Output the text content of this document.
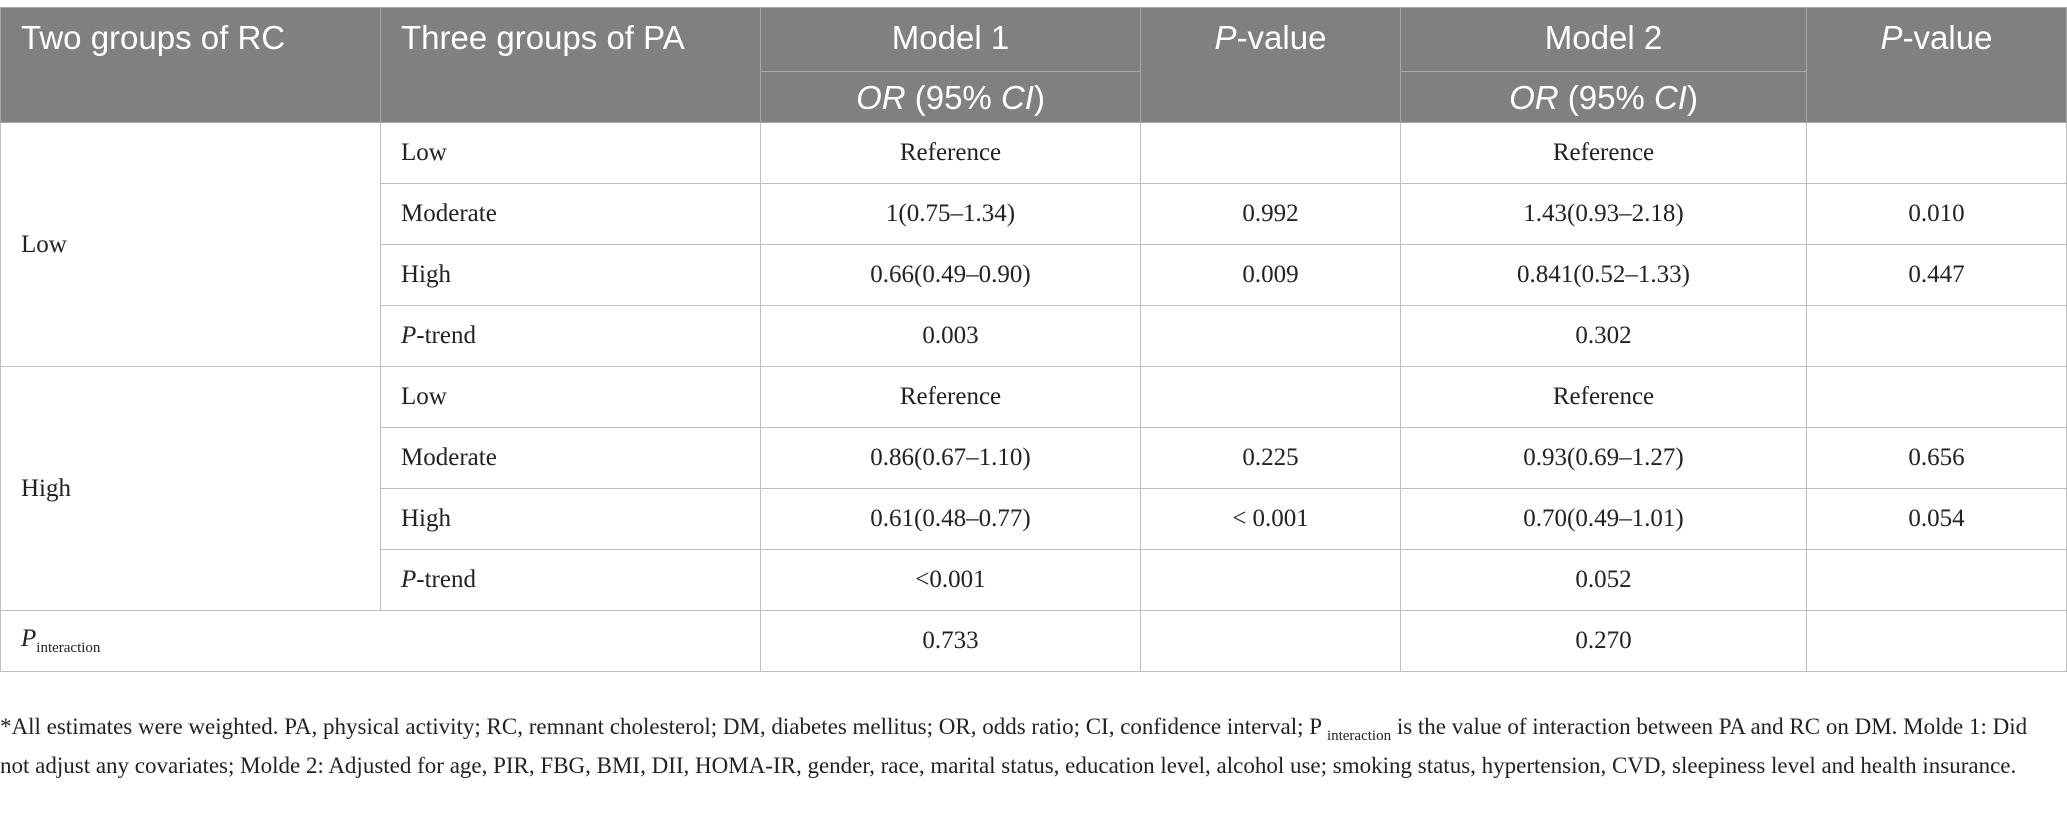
Two groups of RC	Three groups of PA	Model 1	P-value	Model 2	P-value
		OR (95% CI)		OR (95% CI)	
Low	Low	Reference		Reference	
	Moderate	1(0.75–1.34)	0.992	1.43(0.93–2.18)	0.010
	High	0.66(0.49–0.90)	0.009	0.841(0.52–1.33)	0.447
	P-trend	0.003		0.302	
High	Low	Reference		Reference	
	Moderate	0.86(0.67–1.10)	0.225	0.93(0.69–1.27)	0.656
	High	0.61(0.48–0.77)	< 0.001	0.70(0.49–1.01)	0.054
	P-trend	<0.001		0.052	
$P_{interaction}$		0.733		0.270	
*All estimates were weighted. PA, physical activity; RC, remnant cholesterol; DM, diabetes mellitus; OR, odds ratio; CI, confidence interval; P $_{interaction}$ is the value of interaction between PA and RC on DM. Molde 1: Did not adjust any covariates; Molde 2: Adjusted for age, PIR, FBG, BMI, DII, HOMA-IR, gender, race, marital status, education level, alcohol use; smoking status, hypertension, CVD, sleepiness level and health insurance.
